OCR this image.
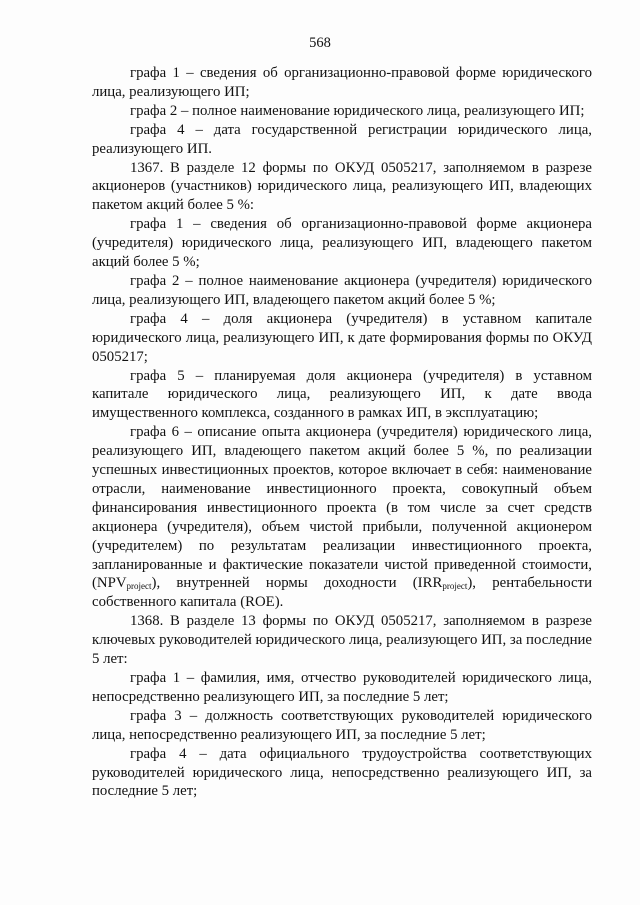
568

графа 1 – сведения об организационно-правовой форме юридического лица, реализующего ИП;

графа 2 – полное наименование юридического лица, реализующего ИП;

графа 4 – дата государственной регистрации юридического лица, реализующего ИП.

1367. В разделе 12 формы по ОКУД 0505217, заполняемом в разрезе акционеров (участников) юридического лица, реализующего ИП, владеющих пакетом акций более 5 %:

графа 1 – сведения об организационно-правовой форме акционера (учредителя) юридического лица, реализующего ИП, владеющего пакетом акций более 5 %;

графа 2 – полное наименование акционера (учредителя) юридического лица, реализующего ИП, владеющего пакетом акций более 5 %;

графа 4 – доля акционера (учредителя) в уставном капитале юридического лица, реализующего ИП, к дате формирования формы по ОКУД 0505217;

графа 5 – планируемая доля акционера (учредителя) в уставном капитале юридического лица, реализующего ИП, к дате ввода имущественного комплекса, созданного в рамках ИП, в эксплуатацию;

графа 6 – описание опыта акционера (учредителя) юридического лица, реализующего ИП, владеющего пакетом акций более 5 %, по реализации успешных инвестиционных проектов, которое включает в себя: наименование отрасли, наименование инвестиционного проекта, совокупный объем финансирования инвестиционного проекта (в том числе за счет средств акционера (учредителя), объем чистой прибыли, полученной акционером (учредителем) по результатам реализации инвестиционного проекта, запланированные и фактические показатели чистой приведенной стоимости, $(NPV_{project})$, внутренней нормы доходности $(IRR_{project})$, рентабельности собственного капитала (ROE).

1368. В разделе 13 формы по ОКУД 0505217, заполняемом в разрезе ключевых руководителей юридического лица, реализующего ИП, за последние 5 лет:

графа 1 – фамилия, имя, отчество руководителей юридического лица, непосредственно реализующего ИП, за последние 5 лет;

графа 3 – должность соответствующих руководителей юридического лица, непосредственно реализующего ИП, за последние 5 лет;

графа 4 – дата официального трудоустройства соответствующих руководителей юридического лица, непосредственно реализующего ИП, за последние 5 лет;
